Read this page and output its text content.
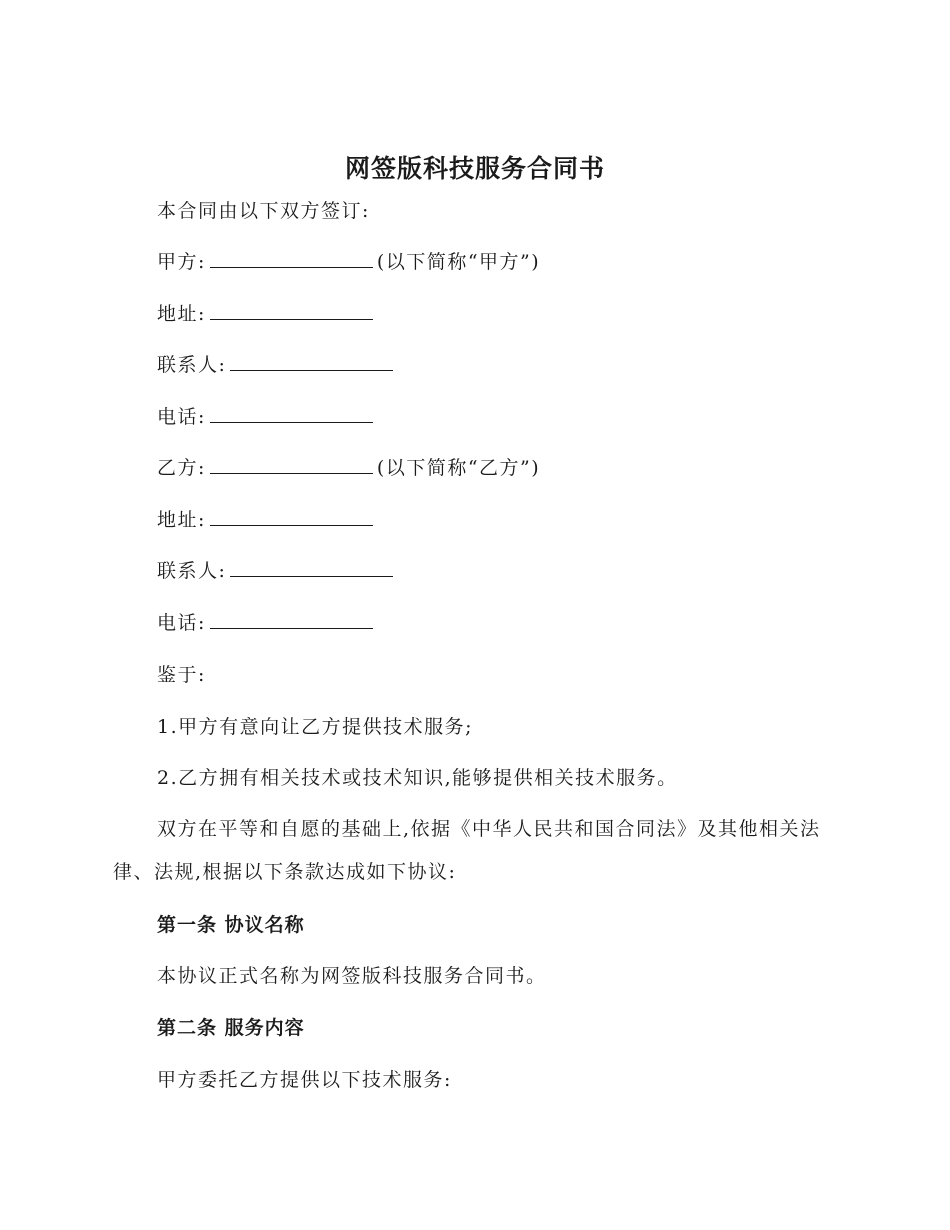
网签版科技服务合同书
本合同由以下双方签订:
甲方:	(以下简称“甲方”)
地址:
联系人:
电话:
乙方:	(以下简称“乙方”)
地址:
联系人:
电话:
鉴于:
1.甲方有意向让乙方提供技术服务;
2.乙方拥有相关技术或技术知识,能够提供相关技术服务。
双方在平等和自愿的基础上,依据《中华人民共和国合同法》及其他相关法律、法规,根据以下条款达成如下协议:
第一条 协议名称
本协议正式名称为网签版科技服务合同书。
第二条 服务内容
甲方委托乙方提供以下技术服务:
